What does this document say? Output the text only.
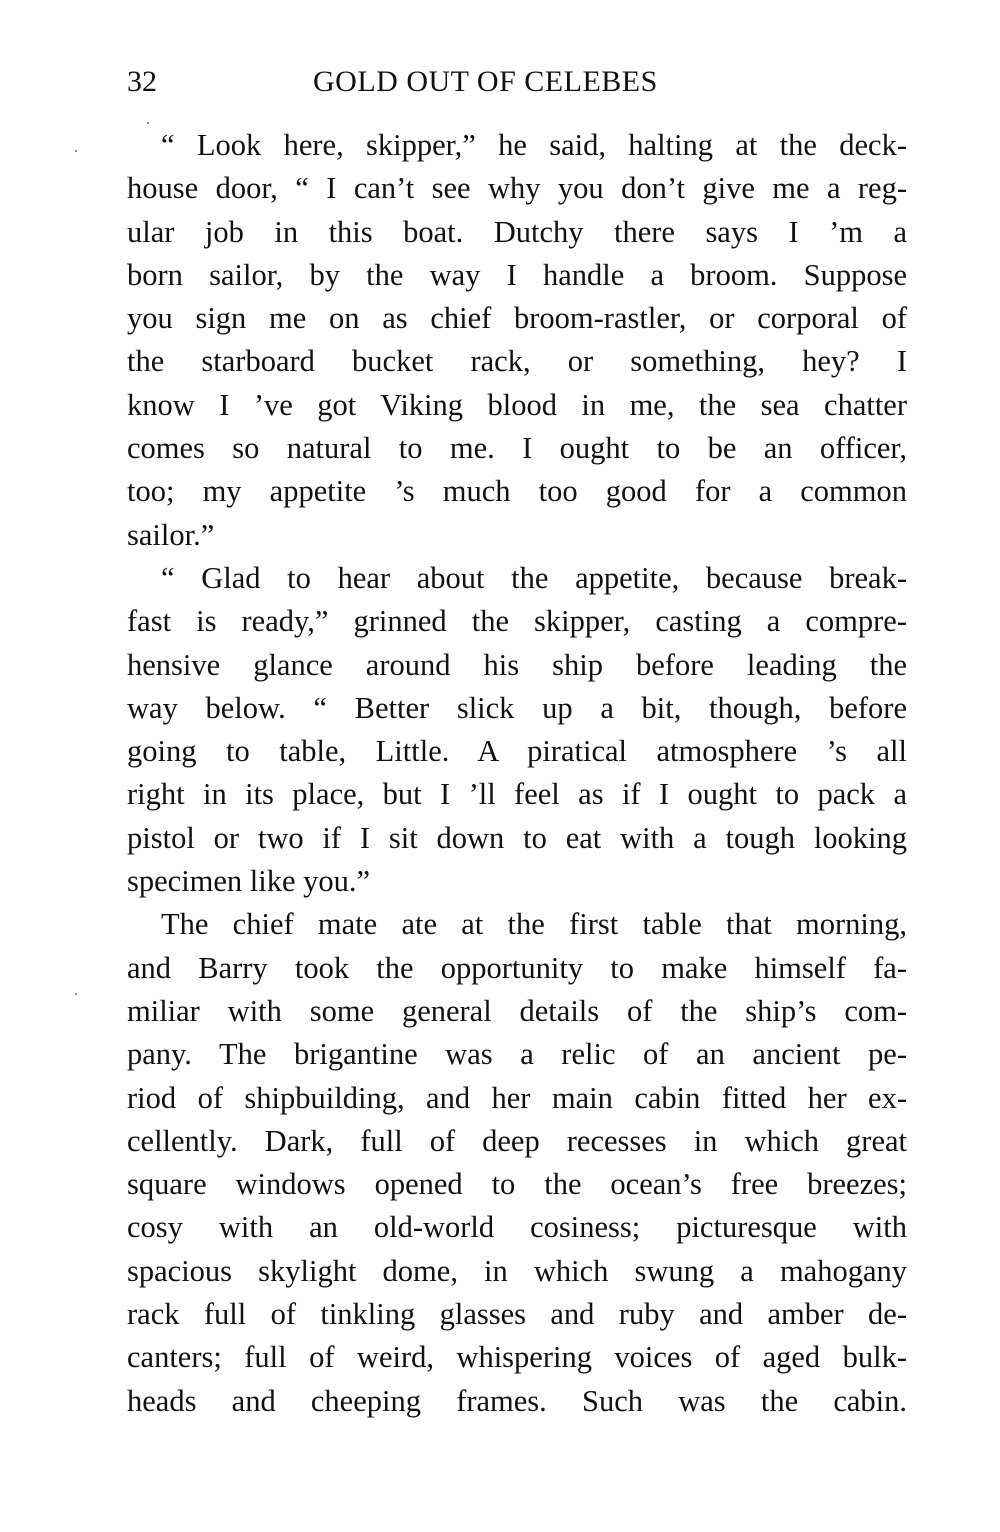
32	GOLD OUT OF CELEBES
“ Look here, skipper,” he said, halting at the deck-
house door, “ I can’t see why you don’t give me a reg-
ular job in this boat. Dutchy there says I ’m a
born sailor, by the way I handle a broom. Suppose
you sign me on as chief broom-rastler, or corporal of
the starboard bucket rack, or something, hey? I
know I ’ve got Viking blood in me, the sea chatter
comes so natural to me. I ought to be an officer,
too; my appetite ’s much too good for a common
sailor.”
“ Glad to hear about the appetite, because break-
fast is ready,” grinned the skipper, casting a compre-
hensive glance around his ship before leading the
way below. “ Better slick up a bit, though, before
going to table, Little. A piratical atmosphere ’s all
right in its place, but I ’ll feel as if I ought to pack a
pistol or two if I sit down to eat with a tough looking
specimen like you.”
The chief mate ate at the first table that morning,
and Barry took the opportunity to make himself fa-
miliar with some general details of the ship’s com-
pany. The brigantine was a relic of an ancient pe-
riod of shipbuilding, and her main cabin fitted her ex-
cellently. Dark, full of deep recesses in which great
square windows opened to the ocean’s free breezes;
cosy with an old-world cosiness; picturesque with
spacious skylight dome, in which swung a mahogany
rack full of tinkling glasses and ruby and amber de-
canters; full of weird, whispering voices of aged bulk-
heads and cheeping frames. Such was the cabin.
